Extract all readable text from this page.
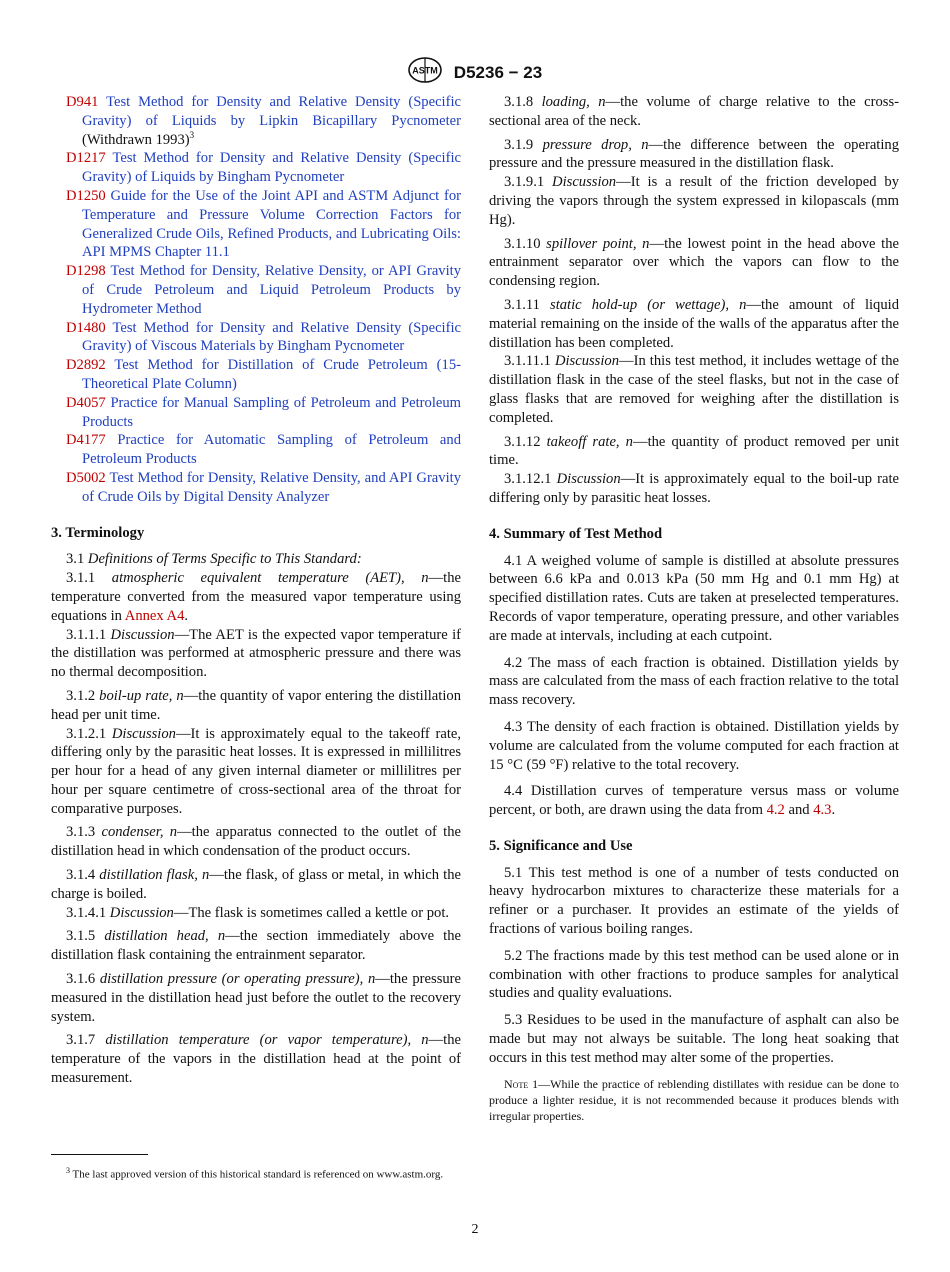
ASTM D5236 − 23
D941 Test Method for Density and Relative Density (Specific Gravity) of Liquids by Lipkin Bicapillary Pycnometer (Withdrawn 1993)$^3$
D1217 Test Method for Density and Relative Density (Specific Gravity) of Liquids by Bingham Pycnometer
D1250 Guide for the Use of the Joint API and ASTM Adjunct for Temperature and Pressure Volume Correction Factors for Generalized Crude Oils, Refined Products, and Lubricating Oils: API MPMS Chapter 11.1
D1298 Test Method for Density, Relative Density, or API Gravity of Crude Petroleum and Liquid Petroleum Products by Hydrometer Method
D1480 Test Method for Density and Relative Density (Specific Gravity) of Viscous Materials by Bingham Pycnometer
D2892 Test Method for Distillation of Crude Petroleum (15-Theoretical Plate Column)
D4057 Practice for Manual Sampling of Petroleum and Petroleum Products
D4177 Practice for Automatic Sampling of Petroleum and Petroleum Products
D5002 Test Method for Density, Relative Density, and API Gravity of Crude Oils by Digital Density Analyzer
3. Terminology

3.1 Definitions of Terms Specific to This Standard:

3.1.1 atmospheric equivalent temperature (AET), n—the temperature converted from the measured vapor temperature using equations in Annex A4.

3.1.1.1 Discussion—The AET is the expected vapor temperature if the distillation was performed at atmospheric pressure and there was no thermal decomposition.

3.1.2 boil-up rate, n—the quantity of vapor entering the distillation head per unit time.

3.1.2.1 Discussion—It is approximately equal to the takeoff rate, differing only by the parasitic heat losses. It is expressed in millilitres per hour for a head of any given internal diameter or millilitres per hour per square centimetre of cross-sectional area of the throat for comparative purposes.

3.1.3 condenser, n—the apparatus connected to the outlet of the distillation head in which condensation of the product occurs.

3.1.4 distillation flask, n—the flask, of glass or metal, in which the charge is boiled.

3.1.4.1 Discussion—The flask is sometimes called a kettle or pot.

3.1.5 distillation head, n—the section immediately above the distillation flask containing the entrainment separator.

3.1.6 distillation pressure (or operating pressure), n—the pressure measured in the distillation head just before the outlet to the recovery system.

3.1.7 distillation temperature (or vapor temperature), n—the temperature of the vapors in the distillation head at the point of measurement.

3.1.8 loading, n—the volume of charge relative to the cross-sectional area of the neck.

3.1.9 pressure drop, n—the difference between the operating pressure and the pressure measured in the distillation flask.

3.1.9.1 Discussion—It is a result of the friction developed by driving the vapors through the system expressed in kilopascals (mm Hg).

3.1.10 spillover point, n—the lowest point in the head above the entrainment separator over which the vapors can flow to the condensing region.

3.1.11 static hold-up (or wettage), n—the amount of liquid material remaining on the inside of the walls of the apparatus after the distillation has been completed.

3.1.11.1 Discussion—In this test method, it includes wettage of the distillation flask in the case of the steel flasks, but not in the case of glass flasks that are removed for weighing after the distillation is completed.

3.1.12 takeoff rate, n—the quantity of product removed per unit time.

3.1.12.1 Discussion—It is approximately equal to the boil-up rate differing only by parasitic heat losses.

4. Summary of Test Method

4.1 A weighed volume of sample is distilled at absolute pressures between 6.6 kPa and 0.013 kPa (50 mm Hg and 0.1 mm Hg) at specified distillation rates. Cuts are taken at preselected temperatures. Records of vapor temperature, operating pressure, and other variables are made at intervals, including at each cutpoint.

4.2 The mass of each fraction is obtained. Distillation yields by mass are calculated from the mass of each fraction relative to the total mass recovery.

4.3 The density of each fraction is obtained. Distillation yields by volume are calculated from the volume computed for each fraction at 15 °C (59 °F) relative to the total recovery.

4.4 Distillation curves of temperature versus mass or volume percent, or both, are drawn using the data from 4.2 and 4.3.

5. Significance and Use

5.1 This test method is one of a number of tests conducted on heavy hydrocarbon mixtures to characterize these materials for a refiner or a purchaser. It provides an estimate of the yields of fractions of various boiling ranges.

5.2 The fractions made by this test method can be used alone or in combination with other fractions to produce samples for analytical studies and quality evaluations.

5.3 Residues to be used in the manufacture of asphalt can also be made but may not always be suitable. The long heat soaking that occurs in this test method may alter some of the properties.

Note 1—While the practice of reblending distillates with residue can be done to produce a lighter residue, it is not recommended because it produces blends with irregular properties.
$^3$ The last approved version of this historical standard is referenced on www.astm.org.
2
